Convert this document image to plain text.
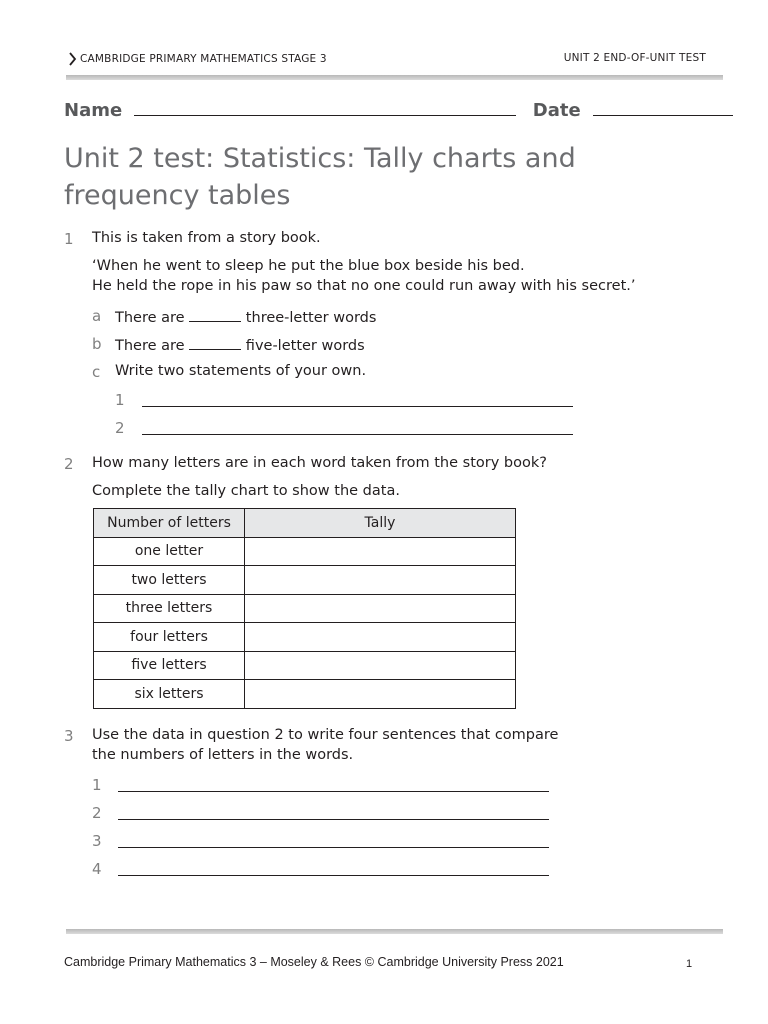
CAMBRIDGE PRIMARY MATHEMATICS STAGE 3	UNIT 2 END-OF-UNIT TEST
Name	Date
Unit 2 test: Statistics: Tally charts and frequency tables
1 This is taken from a story book.
‘When he went to sleep he put the blue box beside his bed.
He held the rope in his paw so that no one could run away with his secret.’
a There are	three-letter words
b There are	five-letter words
c Write two statements of your own.
1
2
2 How many letters are in each word taken from the story book?
Complete the tally chart to show the data.
Number of letters	Tally
one letter	
two letters	
three letters	
four letters	
five letters	
six letters	
3 Use the data in question 2 to write four sentences that compare
the numbers of letters in the words.
1
2
3
4
Cambridge Primary Mathematics 3 – Moseley & Rees © Cambridge University Press 2021	1
